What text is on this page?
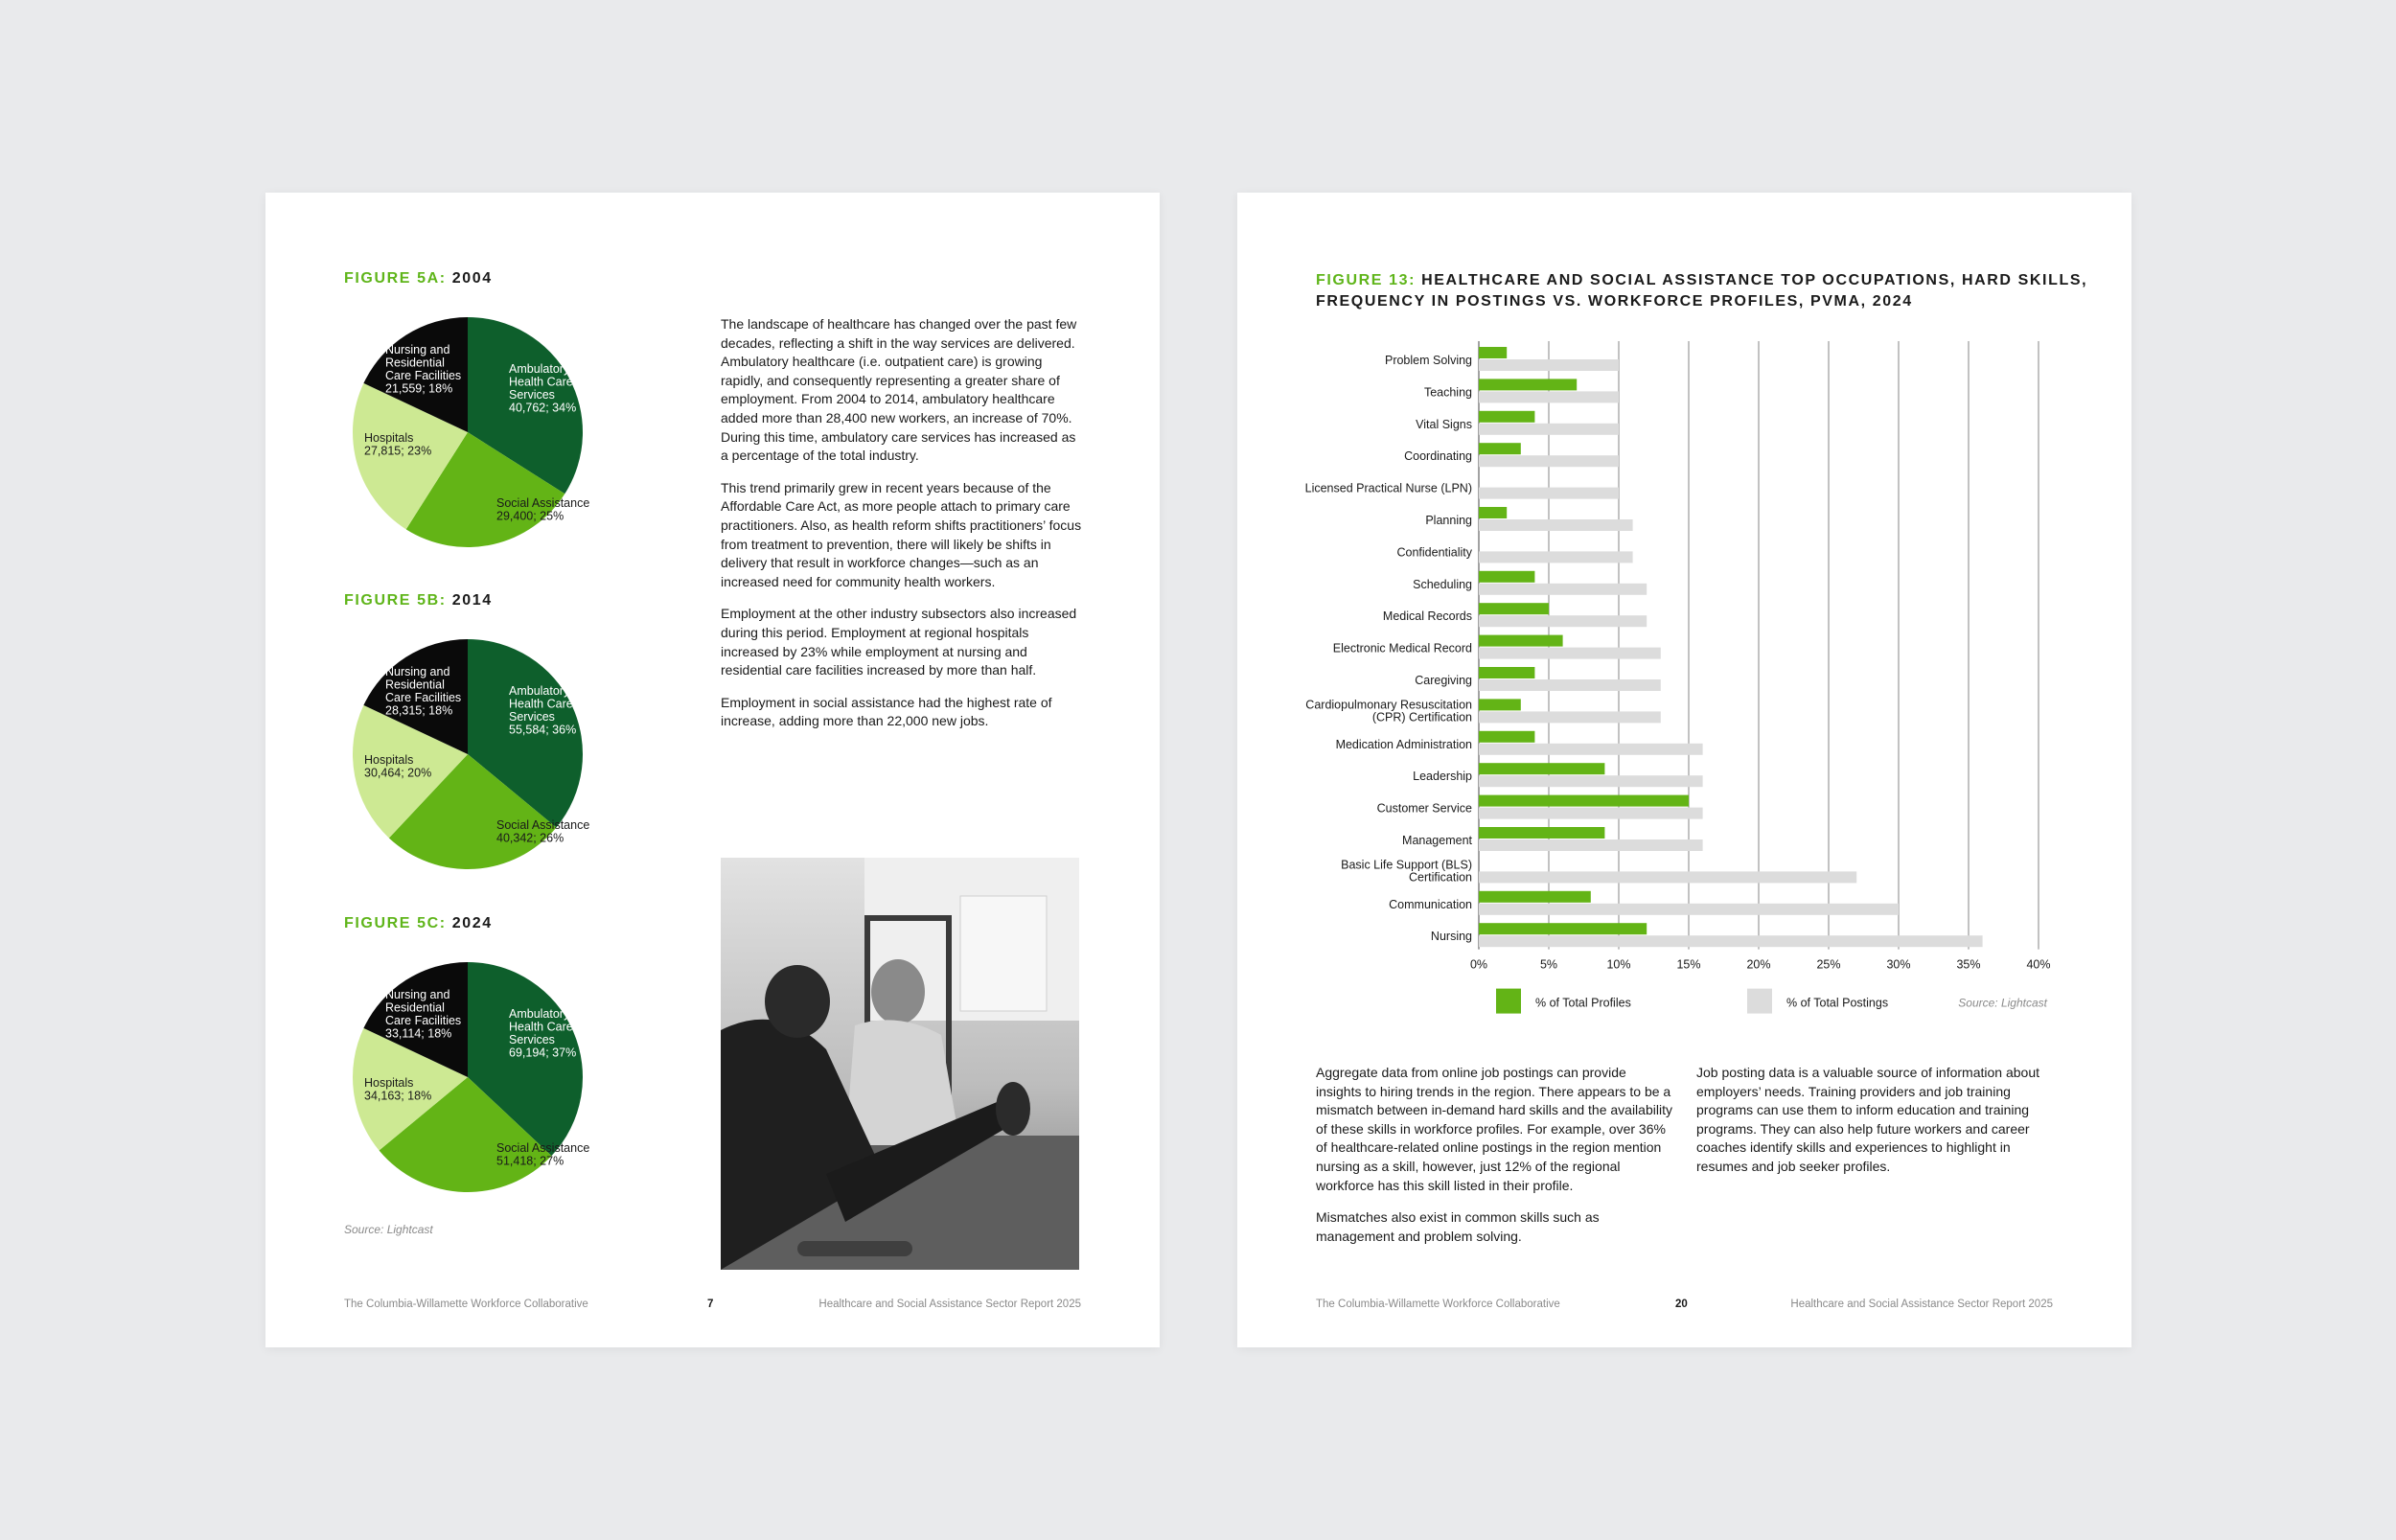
FIGURE 5A: 2004
Ambulatory Health Care Services 40,762; 34%
Social Assistance 29,400; 25%
Hospitals 27,815; 23%
Nursing and Residential Care Facilities 21,559; 18%
FIGURE 5B: 2014
Ambulatory Health Care Services 55,584; 36%
Social Assistance 40,342; 26%
Hospitals 30,464; 20%
Nursing and Residential Care Facilities 28,315; 18%
FIGURE 5C: 2024
Ambulatory Health Care Services 69,194; 37%
Social Assistance 51,418; 27%
Hospitals 34,163; 18%
Nursing and Residential Care Facilities 33,114; 18%
Source: Lightcast

The landscape of healthcare has changed over the past few decades, reflecting a shift in the way services are delivered. Ambulatory healthcare (i.e. outpatient care) is growing rapidly, and consequently representing a greater share of employment. From 2004 to 2014, ambulatory healthcare added more than 28,400 new workers, an increase of 70%. During this time, ambulatory care services has increased as a percentage of the total industry.

This trend primarily grew in recent years because of the Affordable Care Act, as more people attach to primary care practitioners. Also, as health reform shifts practitioners’ focus from treatment to prevention, there will likely be shifts in delivery that result in workforce changes—such as an increased need for community health workers.

Employment at the other industry subsectors also increased during this period. Employment at regional hospitals increased by 23% while employment at nursing and residential care facilities increased by more than half.

Employment in social assistance had the highest rate of increase, adding more than 22,000 new jobs.

The Columbia-Willamette Workforce Collaborative	7	Healthcare and Social Assistance Sector Report 2025
FIGURE 13: HEALTHCARE AND SOCIAL ASSISTANCE TOP OCCUPATIONS, HARD SKILLS,
FREQUENCY IN POSTINGS VS. WORKFORCE PROFILES, PVMA, 2024
Problem Solving
Teaching
Vital Signs
Coordinating
Licensed Practical Nurse (LPN)
Planning
Confidentiality
Scheduling
Medical Records
Electronic Medical Record
Caregiving
Cardiopulmonary Resuscitation (CPR) Certification
Medication Administration
Leadership
Customer Service
Management
Basic Life Support (BLS) Certification
Communication
Nursing
0%	5%	10%	15%	20%	25%	30%	35%	40%
% of Total Profiles	% of Total Postings	Source: Lightcast

Aggregate data from online job postings can provide insights to hiring trends in the region. There appears to be a mismatch between in-demand hard skills and the availability of these skills in workforce profiles. For example, over 36% of healthcare-related online postings in the region mention nursing as a skill, however, just 12% of the regional workforce has this skill listed in their profile.

Mismatches also exist in common skills such as management and problem solving.

Job posting data is a valuable source of information about employers’ needs. Training providers and job training programs can use them to inform education and training programs. They can also help future workers and career coaches identify skills and experiences to highlight in resumes and job seeker profiles.

The Columbia-Willamette Workforce Collaborative	20	Healthcare and Social Assistance Sector Report 2025
